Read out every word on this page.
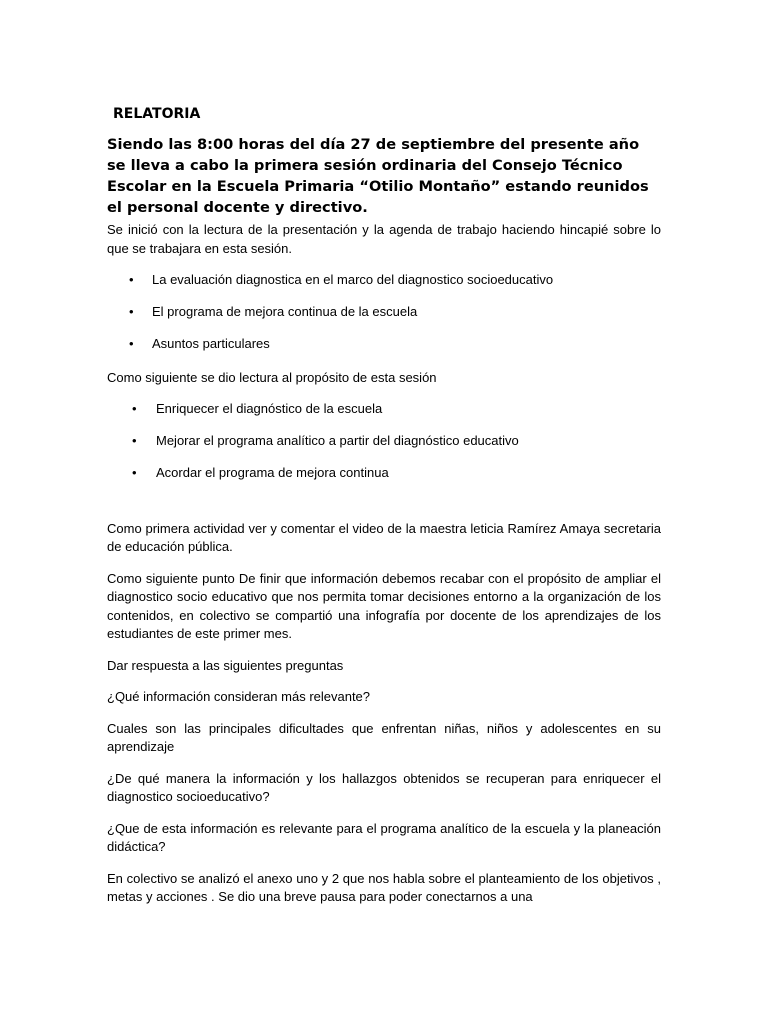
RELATORIA
Siendo las 8:00 horas del día 27 de septiembre del presente año se lleva a cabo la primera sesión ordinaria del Consejo Técnico Escolar en la Escuela Primaria “Otilio Montaño” estando reunidos el personal docente y directivo.

Se inició con la lectura de la presentación y la agenda de trabajo haciendo hincapié sobre lo que se trabajara en esta sesión.

• La evaluación diagnostica en el marco del diagnostico socioeducativo
• El programa de mejora continua de la escuela
• Asuntos particulares

Como siguiente se dio lectura al propósito de esta sesión

• Enriquecer el diagnóstico de la escuela
• Mejorar el programa analítico a partir del diagnóstico educativo
• Acordar el programa de mejora continua

Como primera actividad ver y comentar el video de la maestra leticia Ramírez Amaya secretaria de educación pública.

Como siguiente punto De finir que información debemos recabar con el propósito de ampliar el diagnostico socio educativo que nos permita tomar decisiones entorno a la organización de los contenidos, en colectivo se compartió una infografía por docente de los aprendizajes de los estudiantes de este primer mes.

Dar respuesta a las siguientes preguntas

¿Qué información consideran más relevante?

Cuales son las principales dificultades que enfrentan niñas, niños y adolescentes en su aprendizaje

¿De qué manera la información y los hallazgos obtenidos se recuperan para enriquecer el diagnostico socioeducativo?

¿Que de esta información es relevante para el programa analítico de la escuela y la planeación didáctica?

En colectivo se analizó el anexo uno y 2 que nos habla sobre el planteamiento de los objetivos , metas y acciones . Se dio una breve pausa para poder conectarnos a una
